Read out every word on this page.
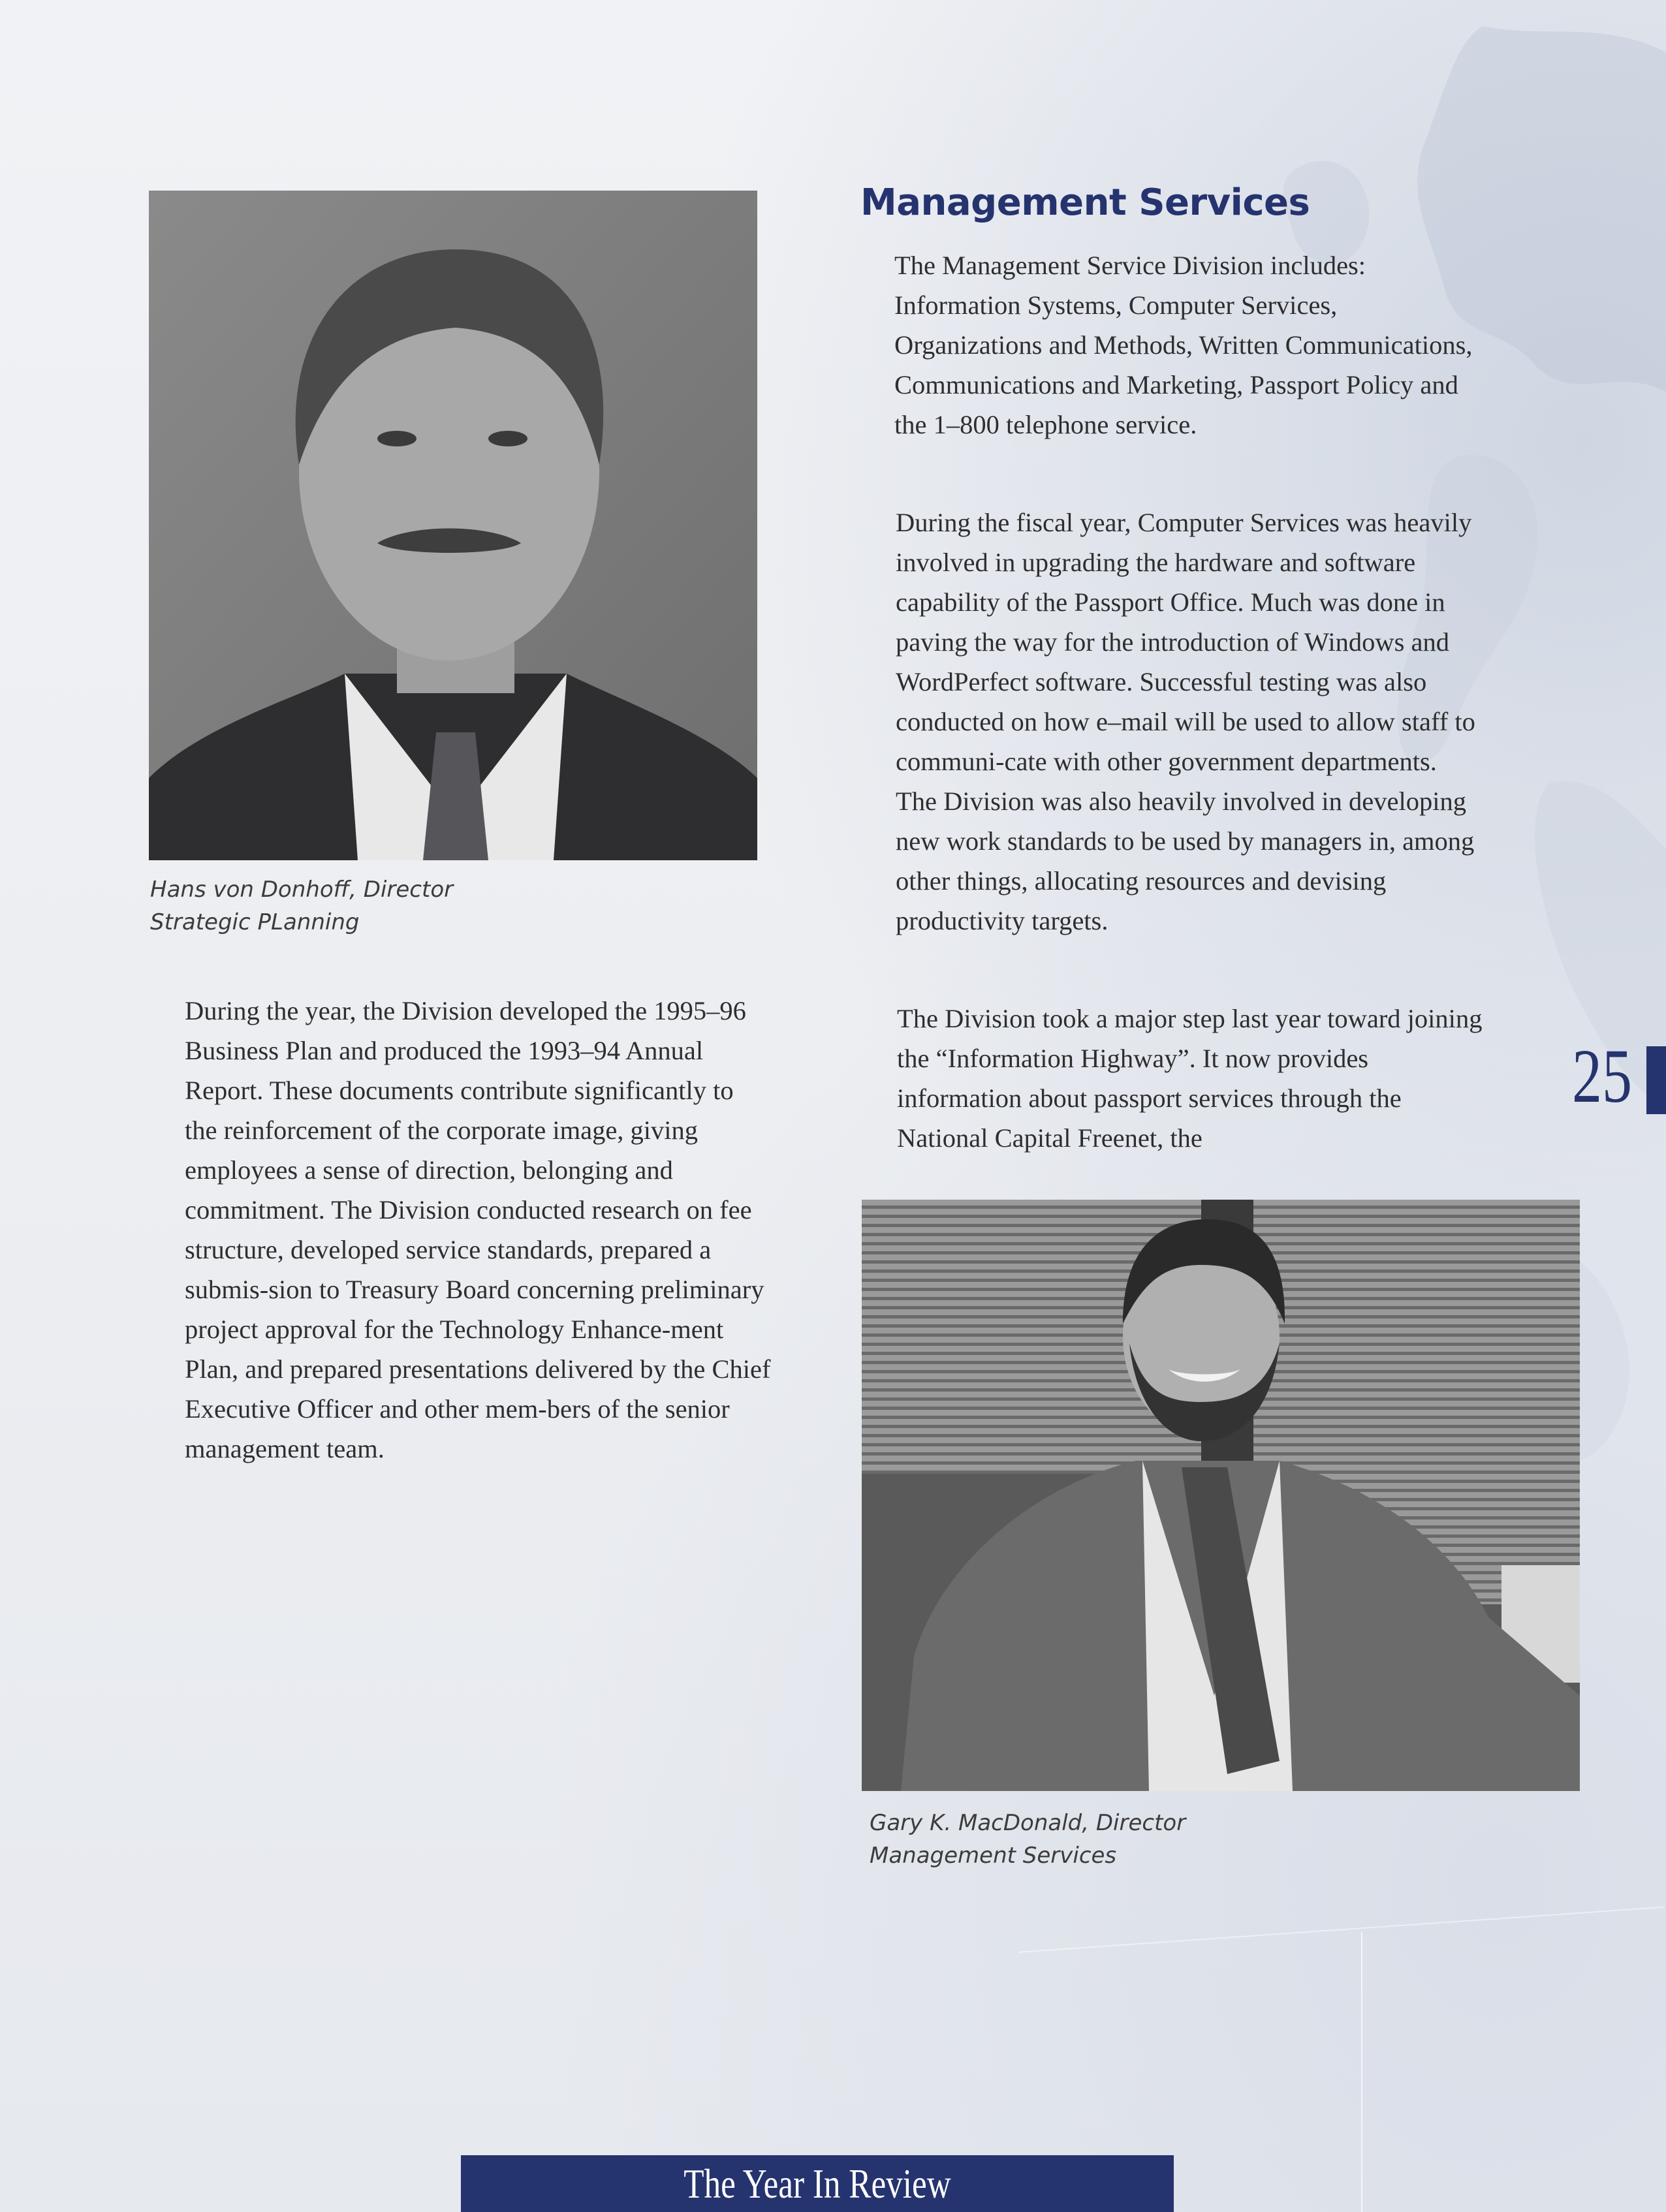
Hans von Donhoff, Director
Strategic PLanning
Management Services

The Management Service Division includes: Information Systems, Computer Services, Organizations and Methods, Written Communications, Communications and Marketing, Passport Policy and the 1–800 telephone service.

During the fiscal year, Computer Services was heavily involved in upgrading the hardware and software capability of the Passport Office. Much was done in paving the way for the introduction of Windows and WordPerfect software. Successful testing was also conducted on how e–mail will be used to allow staff to communi-cate with other government departments. The Division was also heavily involved in developing new work standards to be used by managers in, among other things, allocating resources and devising productivity targets.

The Division took a major step last year toward joining the “Information Highway”. It now provides information about passport services through the National Capital Freenet, the

During the year, the Division developed the 1995–96 Business Plan and produced the 1993–94 Annual Report. These documents contribute significantly to the reinforcement of the corporate image, giving employees a sense of direction, belonging and commitment. The Division conducted research on fee structure, developed service standards, prepared a submis-sion to Treasury Board concerning preliminary project approval for the Technology Enhance-ment Plan, and prepared presentations delivered by the Chief Executive Officer and other mem-bers of the senior management team.

25
Gary K. MacDonald, Director
Management Services
The Year In Review
